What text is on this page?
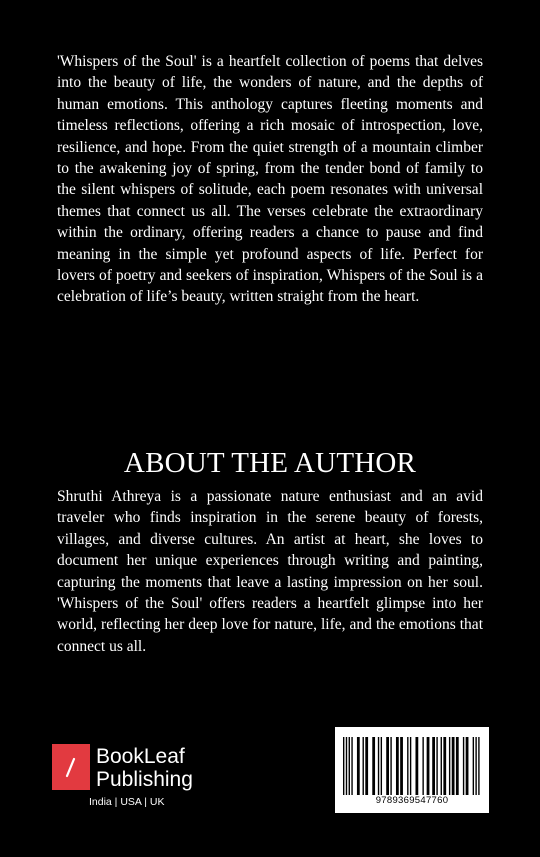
'Whispers of the Soul' is a heartfelt collection of poems that delves into the beauty of life, the wonders of nature, and the depths of human emotions. This anthology captures fleeting moments and timeless reflections, offering a rich mosaic of introspection, love, resilience, and hope. From the quiet strength of a mountain climber to the awakening joy of spring, from the tender bond of family to the silent whispers of solitude, each poem resonates with universal themes that connect us all. The verses celebrate the extraordinary within the ordinary, offering readers a chance to pause and find meaning in the simple yet profound aspects of life. Perfect for lovers of poetry and seekers of inspiration, Whispers of the Soul is a celebration of life’s beauty, written straight from the heart.
ABOUT THE AUTHOR
Shruthi Athreya is a passionate nature enthusiast and an avid traveler who finds inspiration in the serene beauty of forests, villages, and diverse cultures. An artist at heart, she loves to document her unique experiences through writing and painting, capturing the moments that leave a lasting impression on her soul. 'Whispers of the Soul' offers readers a heartfelt glimpse into her world, reflecting her deep love for nature, life, and the emotions that connect us all.
BookLeaf
Publishing
India | USA | UK	9789369547760
